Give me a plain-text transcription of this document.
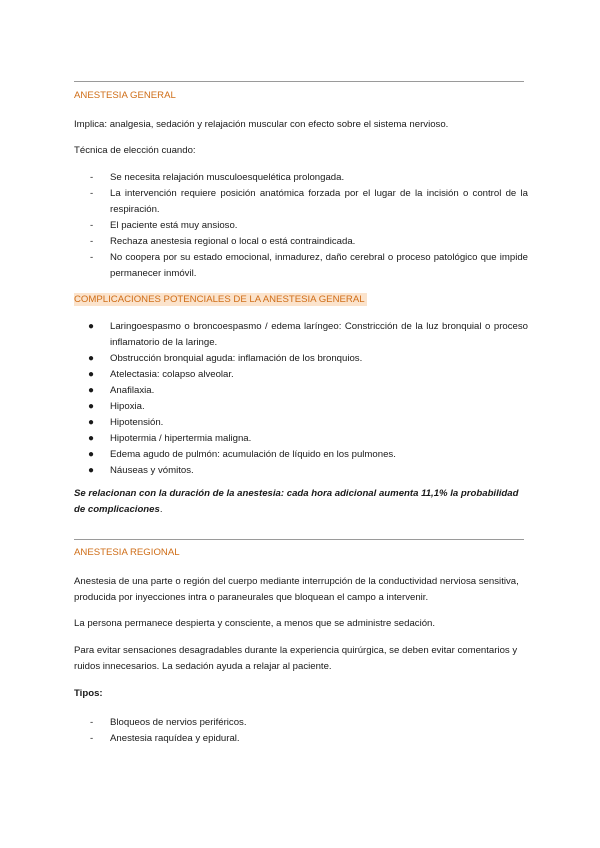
ANESTESIA GENERAL

Implica: analgesia, sedación y relajación muscular con efecto sobre el sistema nervioso.

Técnica de elección cuando:

- Se necesita relajación musculoesquelética prolongada.
- La intervención requiere posición anatómica forzada por el lugar de la incisión o control de la respiración.
- El paciente está muy ansioso.
- Rechaza anestesia regional o local o está contraindicada.
- No coopera por su estado emocional, inmadurez, daño cerebral o proceso patológico que impide permanecer inmóvil.

COMPLICACIONES POTENCIALES DE LA ANESTESIA GENERAL

● Laringoespasmo o broncoespasmo / edema laríngeo: Constricción de la luz bronquial o proceso inflamatorio de la laringe.
● Obstrucción bronquial aguda: inflamación de los bronquios.
● Atelectasia: colapso alveolar.
● Anafilaxia.
● Hipoxia.
● Hipotensión.
● Hipotermia / hipertermia maligna.
● Edema agudo de pulmón: acumulación de líquido en los pulmones.
● Náuseas y vómitos.

Se relacionan con la duración de la anestesia: cada hora adicional aumenta 11,1% la probabilidad de complicaciones.

ANESTESIA REGIONAL

Anestesia de una parte o región del cuerpo mediante interrupción de la conductividad nerviosa sensitiva, producida por inyecciones intra o paraneurales que bloquean el campo a intervenir.

La persona permanece despierta y consciente, a menos que se administre sedación.

Para evitar sensaciones desagradables durante la experiencia quirúrgica, se deben evitar comentarios y ruidos innecesarios. La sedación ayuda a relajar al paciente.

Tipos:

- Bloqueos de nervios periféricos.
- Anestesia raquídea y epidural.
